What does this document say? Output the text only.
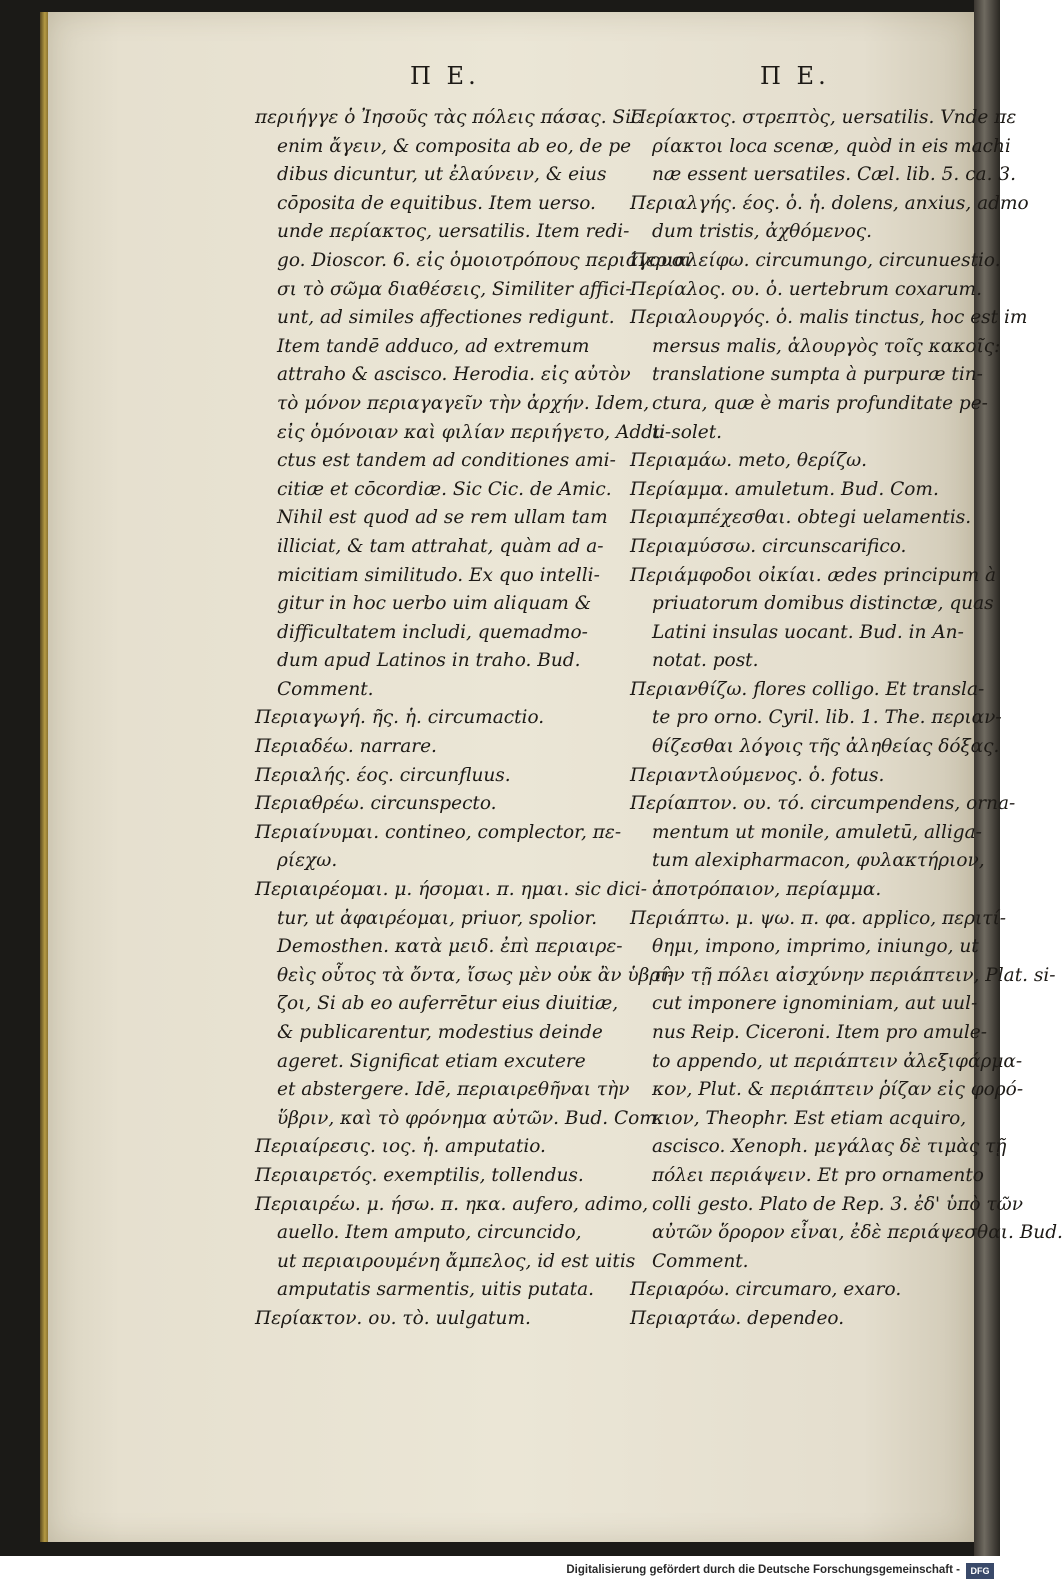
Π E.	Π E.
περιήγγε ὁ Ἰησοῦς τὰς πόλεις πάσας. Sic
enim ἄγειν, & composita ab eo, de pe
dibus dicuntur, ut ἐλαύνειν, & eius
cōposita de equitibus. Item uerso.
unde περίακτος, uersatilis. Item redi-
go. Dioscor. 6. εἰς ὁμοιοτρόπους περιάγουσι
σι τὸ σῶμα διαθέσεις, Similiter affici-
unt, ad similes affectiones redigunt.
Item tandē adduco, ad extremum
attraho & ascisco. Herodia. εἰς αὐτὸν
τὸ μόνον περιαγαγεῖν τὴν ἀρχήν. Idem,
εἰς ὁμόνοιαν καὶ φιλίαν περιήγετο, Addu-
ctus est tandem ad conditiones ami-
citiæ et cōcordiæ. Sic Cic. de Amic.
Nihil est quod ad se rem ullam tam
illiciat, & tam attrahat, quàm ad a-
micitiam similitudo. Ex quo intelli-
gitur in hoc uerbo uim aliquam &
difficultatem includi, quemadmo-
dum apud Latinos in traho. Bud.
Comment.
Περιαγωγή. ῆς. ἡ. circumactio.
Περιαδέω. narrare.
Περιαλής. έος. circunfluus.
Περιαθρέω. circunspecto.
Περιαίνυμαι. contineo, complector, πε-
ρίεχω.
Περιαιρέομαι. μ. ήσομαι. π. ημαι. sic dici-
tur, ut ἀφαιρέομαι, priuor, spolior.
Demosthen. κατὰ μειδ. ἐπὶ περιαιρε-
θεὶς οὗτος τὰ ὄντα, ἴσως μὲν οὐκ ἂν ὑβρί-
ζοι, Si ab eo auferrētur eius diuitiæ,
& publicarentur, modestius deinde
ageret. Significat etiam excutere
et abstergere. Idē, περιαιρεθῆναι τὴν
ὕβριν, καὶ τὸ φρόνημα αὐτῶν. Bud. Com.
Περιαίρεσις. ιος. ἡ. amputatio.
Περιαιρετός. exemptilis, tollendus.
Περιαιρέω. μ. ήσω. π. ηκα. aufero, adimo,
auello. Item amputo, circuncido,
ut περιαιρουμένη ἄμπελος, id est uitis
amputatis sarmentis, uitis putata.
Περίακτον. ου. τὸ. uulgatum.
Περίακτος. στρεπτὸς, uersatilis. Vnde πε
ρίακτοι loca scenæ, quòd in eis machi
næ essent uersatiles. Cæl. lib. 5. ca. 3.
Περιαλγής. έος. ὁ. ἡ. dolens, anxius, admo
dum tristis, ἀχθόμενος.
Περιαλείφω. circumungo, circunuestio.
Περίαλος. ου. ὁ. uertebrum coxarum.
Περιαλουργός. ὁ. malis tinctus, hoc est im
mersus malis, ἁλουργὸς τοῖς κακοῖς:
translatione sumpta à purpuræ tin-
ctura, quæ è maris profunditate pe-
ti solet.
Περιαμάω. meto, θερίζω.
Περίαμμα. amuletum. Bud. Com.
Περιαμπέχεσθαι. obtegi uelamentis.
Περιαμύσσω. circunscarifico.
Περιάμφοδοι οἰκίαι. ædes principum à
priuatorum domibus distinctæ, quas
Latini insulas uocant. Bud. in An-
notat. post.
Περιανθίζω. flores colligo. Et transla-
te pro orno. Cyril. lib. 1. The. περιαν-
θίζεσθαι λόγοις τῆς ἀληθείας δόξας.
Περιαντλούμενος. ὁ. fotus.
Περίαπτον. ου. τό. circumpendens, orna-
mentum ut monile, amuletū, alliga-
tum alexipharmacon, φυλακτήριον,
ἀποτρόπαιον, περίαμμα.
Περιάπτω. μ. ψω. π. φα. applico, περιτί-
θημι, impono, imprimo, iniungo, ut
τὴν τῇ πόλει αἰσχύνην περιάπτειν, Plat. si-
cut imponere ignominiam, aut uul-
nus Reip. Ciceroni. Item pro amule-
to appendo, ut περιάπτειν ἀλεξιφάρμα-
κον, Plut. & περιάπτειν ῥίζαν εἰς φορό-
κιον, Theophr. Est etiam acquiro,
ascisco. Xenoph. μεγάλας δὲ τιμὰς τῇ
πόλει περιάψειν. Et pro ornamento
colli gesto. Plato de Rep. 3. ἐδ' ὑπὸ τῶν
αὐτῶν ὅρορον εἶναι, ἐδὲ περιάψεσθαι. Bud.
Comment.
Περιαρόω. circumaro, exaro.
Περιαρτάω. dependeo.
Digitalisierung gefördert durch die Deutsche Forschungsgemeinschaft -	DFG
